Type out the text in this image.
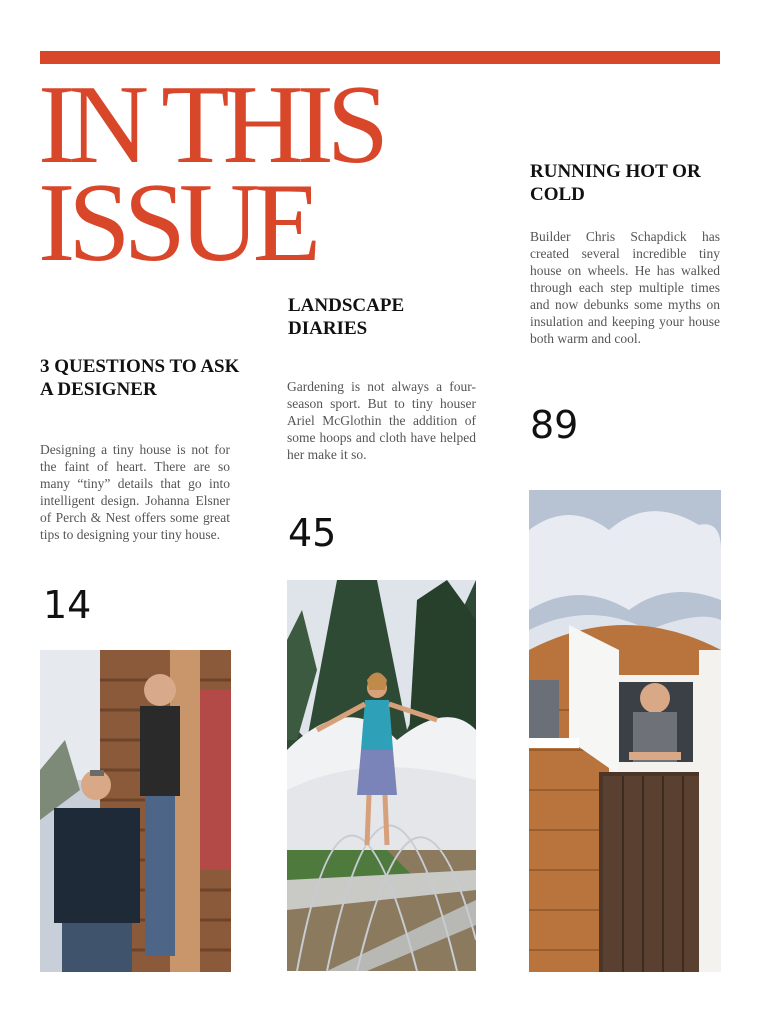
IN THIS
ISSUE
3 QUESTIONS TO ASK A DESIGNER

Designing a tiny house is not for the faint of heart. There are so many “tiny” details that go into intelligent design. Johanna Elsner of Perch & Nest offers some great tips to designing your tiny house.

14
LANDSCAPE DIARIES

Gardening is not always a four-season sport. But to tiny houser Ariel McGlothin the addition of some hoops and cloth have helped her make it so.

45
RUNNING HOT OR COLD

Builder Chris Schapdick has created several incredible tiny house on wheels. He has walked through each step multiple times and now debunks some myths on insulation and keeping your house both warm and cool.

89
